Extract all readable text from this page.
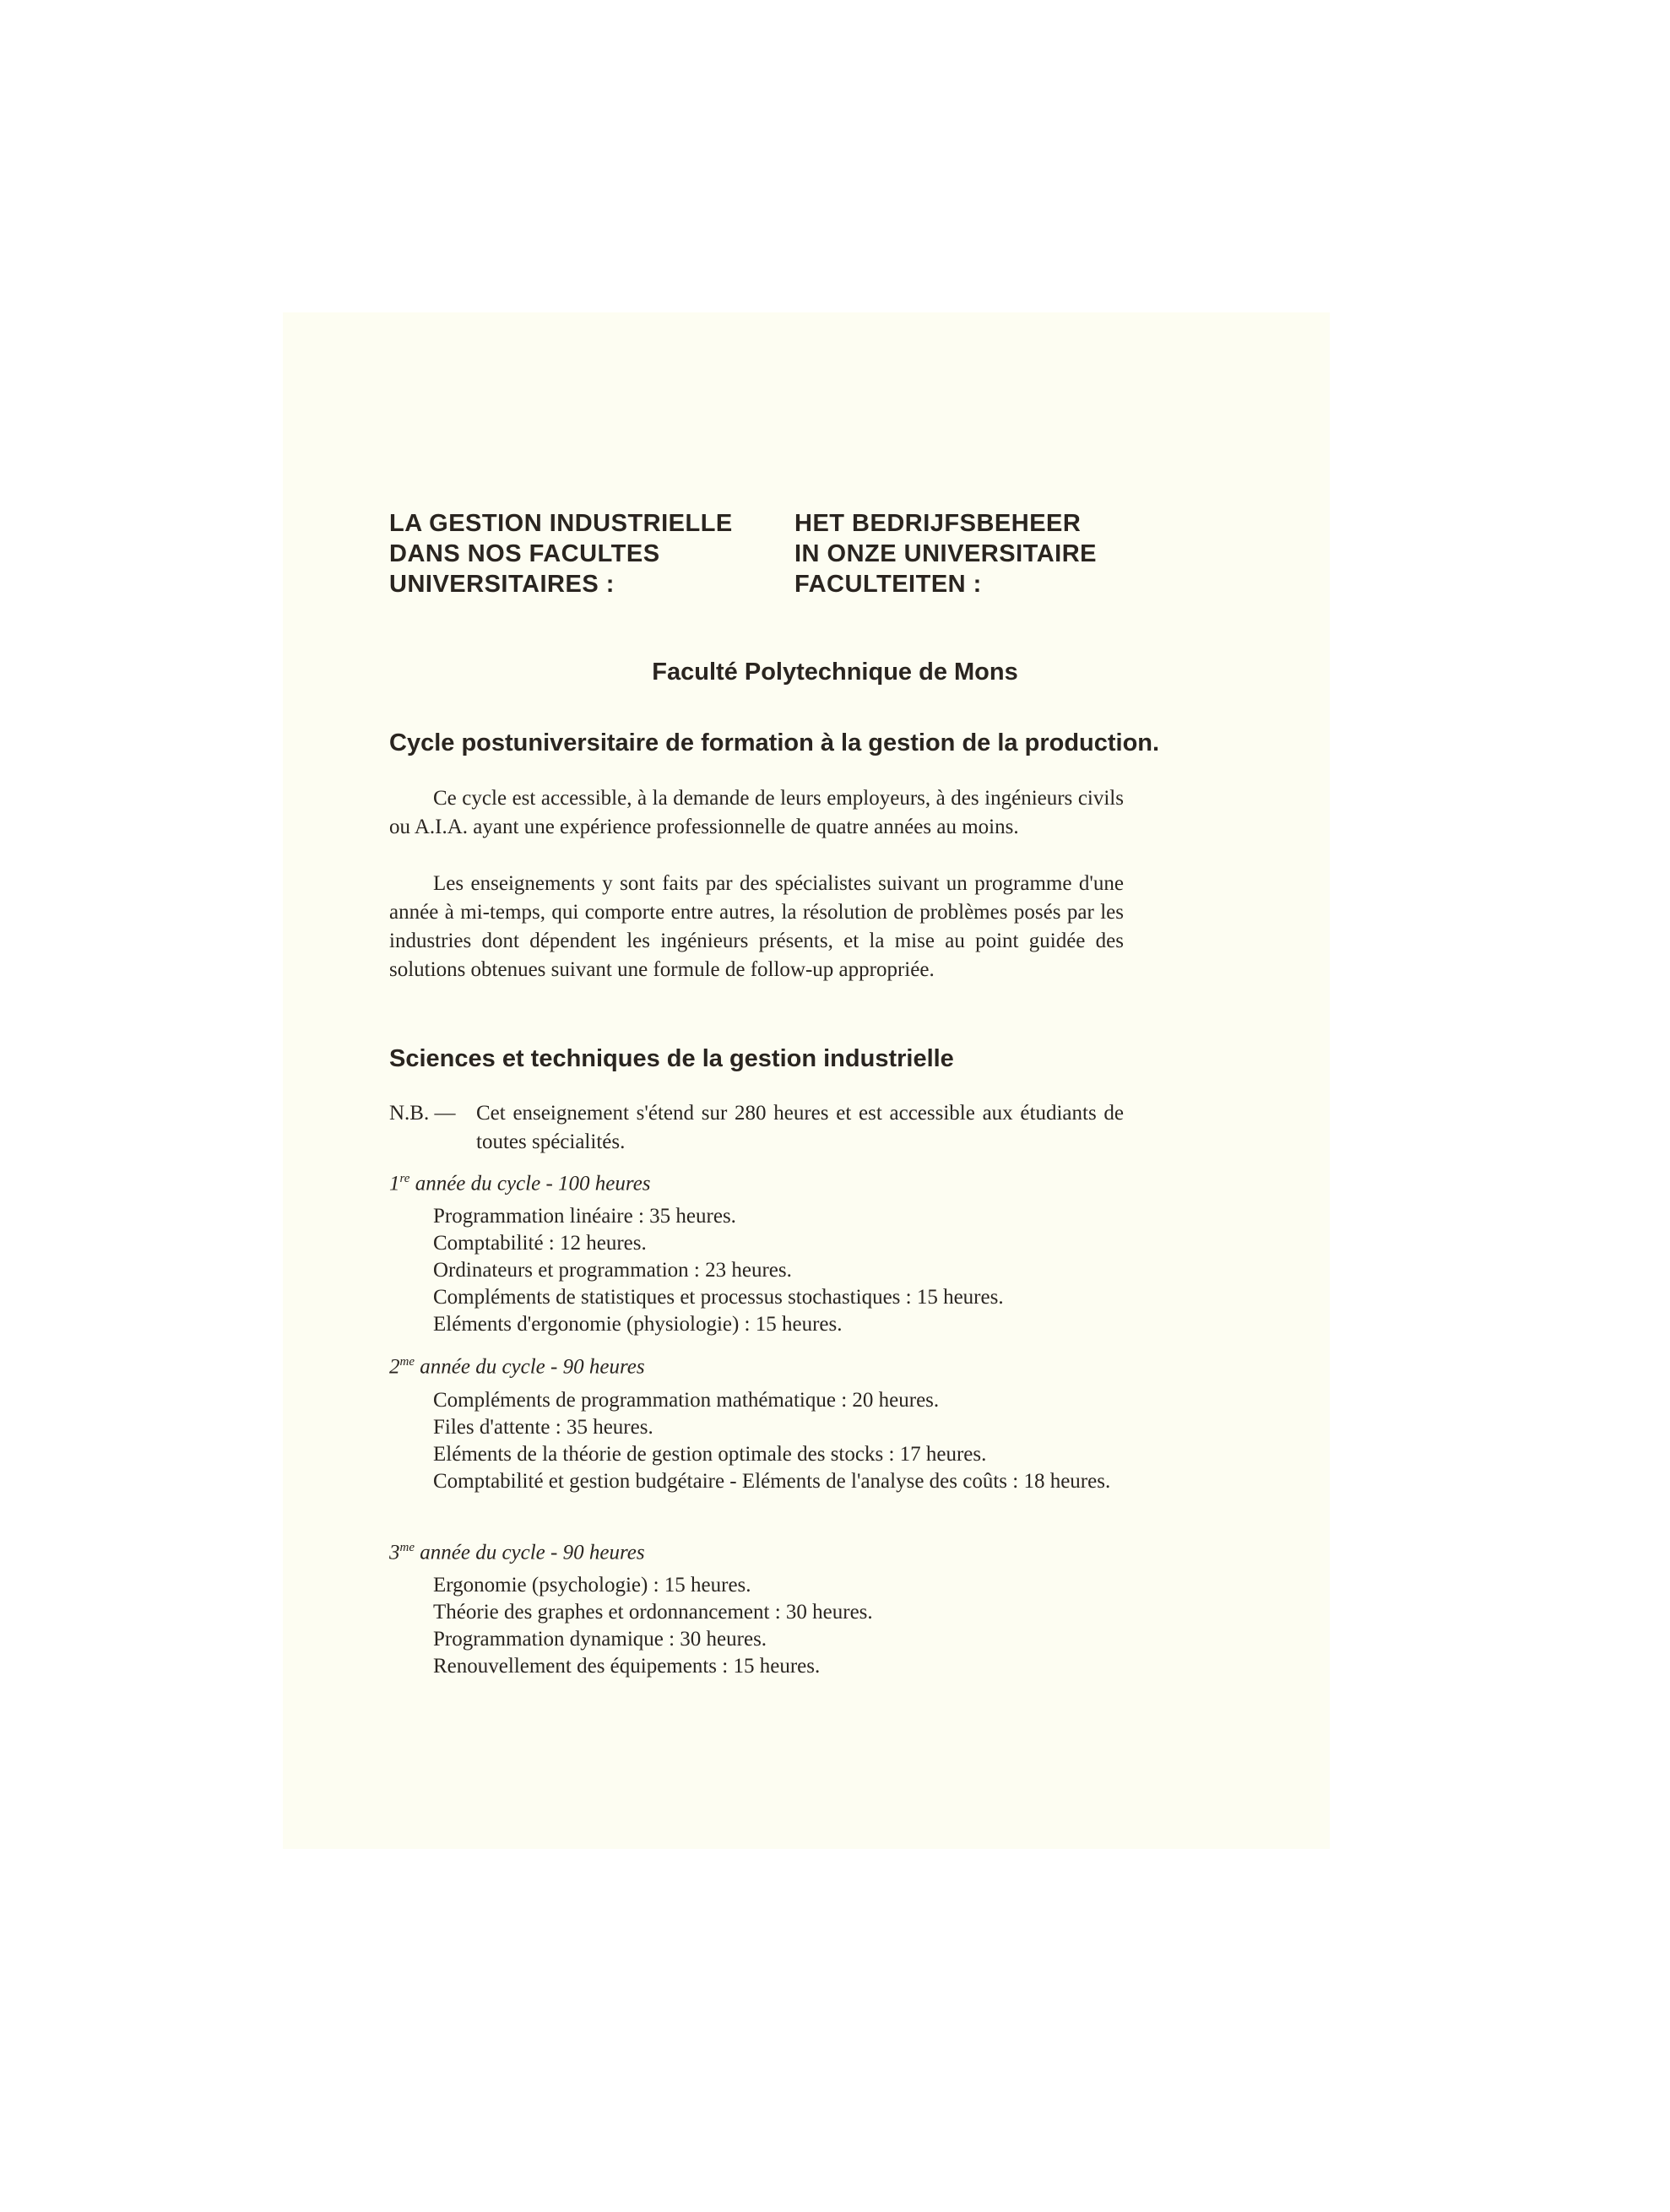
LA GESTION INDUSTRIELLE
DANS NOS FACULTES
UNIVERSITAIRES :
HET BEDRIJFSBEHEER
IN ONZE UNIVERSITAIRE
FACULTEITEN :
Faculté Polytechnique de Mons
Cycle postuniversitaire de formation à la gestion de la production.

Ce cycle est accessible, à la demande de leurs employeurs, à des ingénieurs civils ou A.I.A. ayant une expérience professionnelle de quatre années au moins.

Les enseignements y sont faits par des spécialistes suivant un programme d'une année à mi-temps, qui comporte entre autres, la résolution de problèmes posés par les industries dont dépendent les ingénieurs présents, et la mise au point guidée des solutions obtenues suivant une formule de follow-up appropriée.

Sciences et techniques de la gestion industrielle
N.B. — Cet enseignement s'étend sur 280 heures et est accessible aux étudiants de toutes spécialités.
1re année du cycle - 100 heures
Programmation linéaire : 35 heures.
Comptabilité : 12 heures.
Ordinateurs et programmation : 23 heures.
Compléments de statistiques et processus stochastiques : 15 heures.
Eléments d'ergonomie (physiologie) : 15 heures.
$2^{me}$ année du cycle - 90 heures
Compléments de programmation mathématique : 20 heures.
Files d'attente : 35 heures.
Eléments de la théorie de gestion optimale des stocks : 17 heures.
Comptabilité et gestion budgétaire - Eléments de l'analyse des coûts : 18 heures.
$3^{me}$ année du cycle - 90 heures
Ergonomie (psychologie) : 15 heures.
Théorie des graphes et ordonnancement : 30 heures.
Programmation dynamique : 30 heures.
Renouvellement des équipements : 15 heures.
